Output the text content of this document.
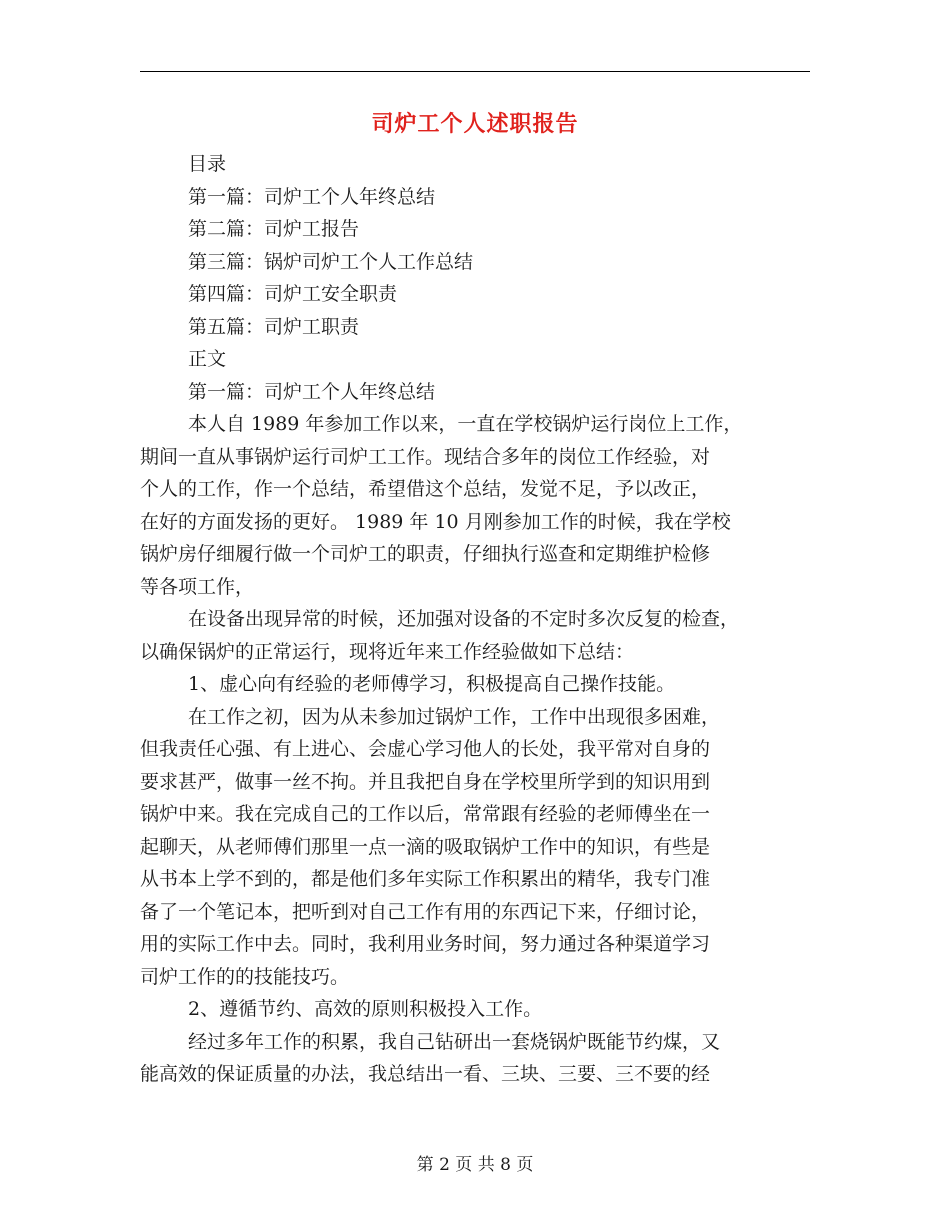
司炉工个人述职报告
目录
第一篇：司炉工个人年终总结
第二篇：司炉工报告
第三篇：锅炉司炉工个人工作总结
第四篇：司炉工安全职责
第五篇：司炉工职责
正文
第一篇：司炉工个人年终总结
本人自 1989 年参加工作以来，一直在学校锅炉运行岗位上工作，
期间一直从事锅炉运行司炉工工作。现结合多年的岗位工作经验，对
个人的工作，作一个总结，希望借这个总结，发觉不足，予以改正，
在好的方面发扬的更好。 1989 年 10 月刚参加工作的时候，我在学校
锅炉房仔细履行做一个司炉工的职责，仔细执行巡查和定期维护检修
等各项工作，
在设备出现异常的时候，还加强对设备的不定时多次反复的检查，
以确保锅炉的正常运行，现将近年来工作经验做如下总结：
1、虚心向有经验的老师傅学习，积极提高自己操作技能。
在工作之初，因为从未参加过锅炉工作，工作中出现很多困难，
但我责任心强、有上进心、会虚心学习他人的长处，我平常对自身的
要求甚严，做事一丝不拘。并且我把自身在学校里所学到的知识用到
锅炉中来。我在完成自己的工作以后，常常跟有经验的老师傅坐在一
起聊天，从老师傅们那里一点一滴的吸取锅炉工作中的知识，有些是
从书本上学不到的，都是他们多年实际工作积累出的精华，我专门准
备了一个笔记本，把听到对自己工作有用的东西记下来，仔细讨论，
用的实际工作中去。同时，我利用业务时间，努力通过各种渠道学习
司炉工作的的技能技巧。
2、遵循节约、高效的原则积极投入工作。
经过多年工作的积累，我自己钻研出一套烧锅炉既能节约煤，又
能高效的保证质量的办法，我总结出一看、三块、三要、三不要的经
第 2 页 共 8 页
